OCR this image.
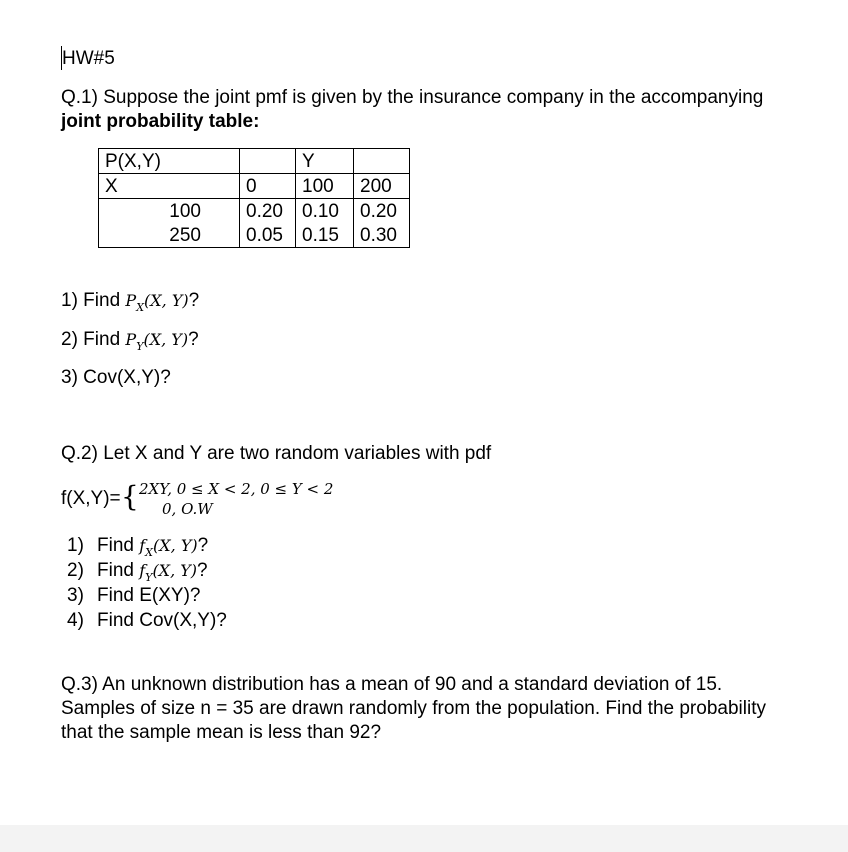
HW#5
Q.1) Suppose the joint pmf is given by the insurance company in the accompanying
joint probability table:
P(X,Y)		Y	
X	0	100	200
100	0.20	0.10	0.20
250	0.05	0.15	0.30
1) Find $P_X(X$, Y)?
2) Find $P_Y(X$, Y)?
3) Cov(X,Y)?
Q.2) Let X and Y are two random variables with pdf
f(X,Y)= { 2XY, 0 ≤ X < 2, 0 ≤ Y < 2
0, O.W
1) Find $f_X(X$, Y)?
2) Find $f_Y(X$, Y)?
3) Find E(XY)?
4) Find Cov(X,Y)?
Q.3) An unknown distribution has a mean of 90 and a standard deviation of 15.
Samples of size n = 35 are drawn randomly from the population. Find the probability
that the sample mean is less than 92?
